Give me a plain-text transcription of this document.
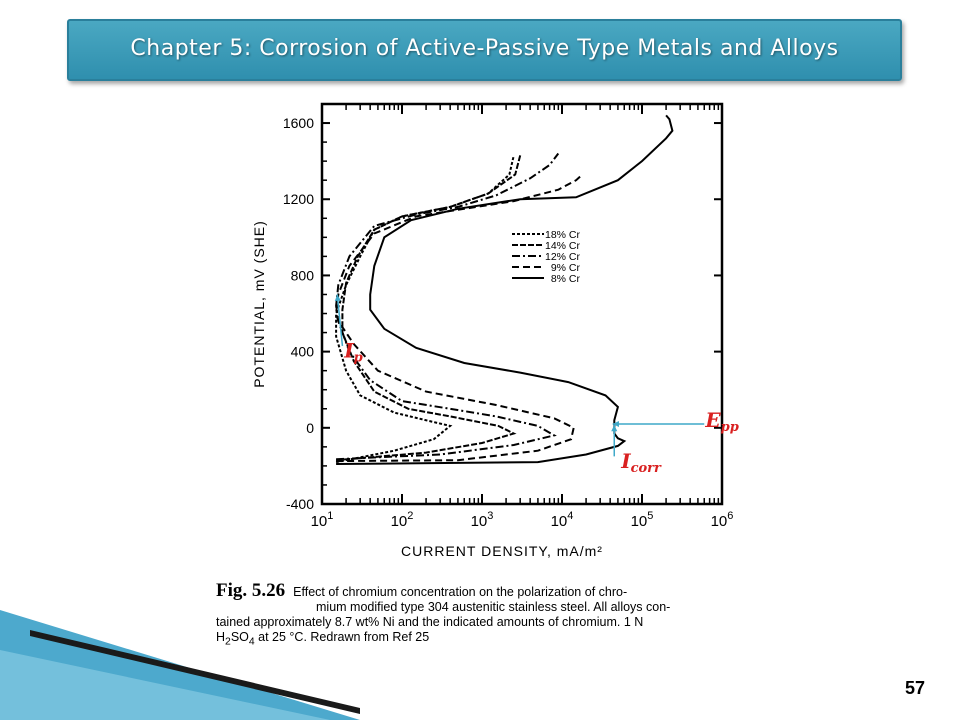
Chapter 5: Corrosion of Active-Passive Type Metals and Alloys
-400
0
400
800
1200
1600
$10^1$	$10^2$	$10^3$	$10^4$	$10^5$	$10^6$
18% Cr
14% Cr
12% Cr
9% Cr
8% Cr
$I_p$
$E_{pp}$
$I_{corr}$
POTENTIAL, mV (SHE)
CURRENT DENSITY, mA/m²
Fig. 5.26 Effect of chromium concentration on the polarization of chro-
mium modified type 304 austenitic stainless steel. All alloys con-
tained approximately 8.7 wt% Ni and the indicated amounts of chromium. 1 N
$H_2SO_4$ at 25 °C. Redrawn from Ref 25
57
